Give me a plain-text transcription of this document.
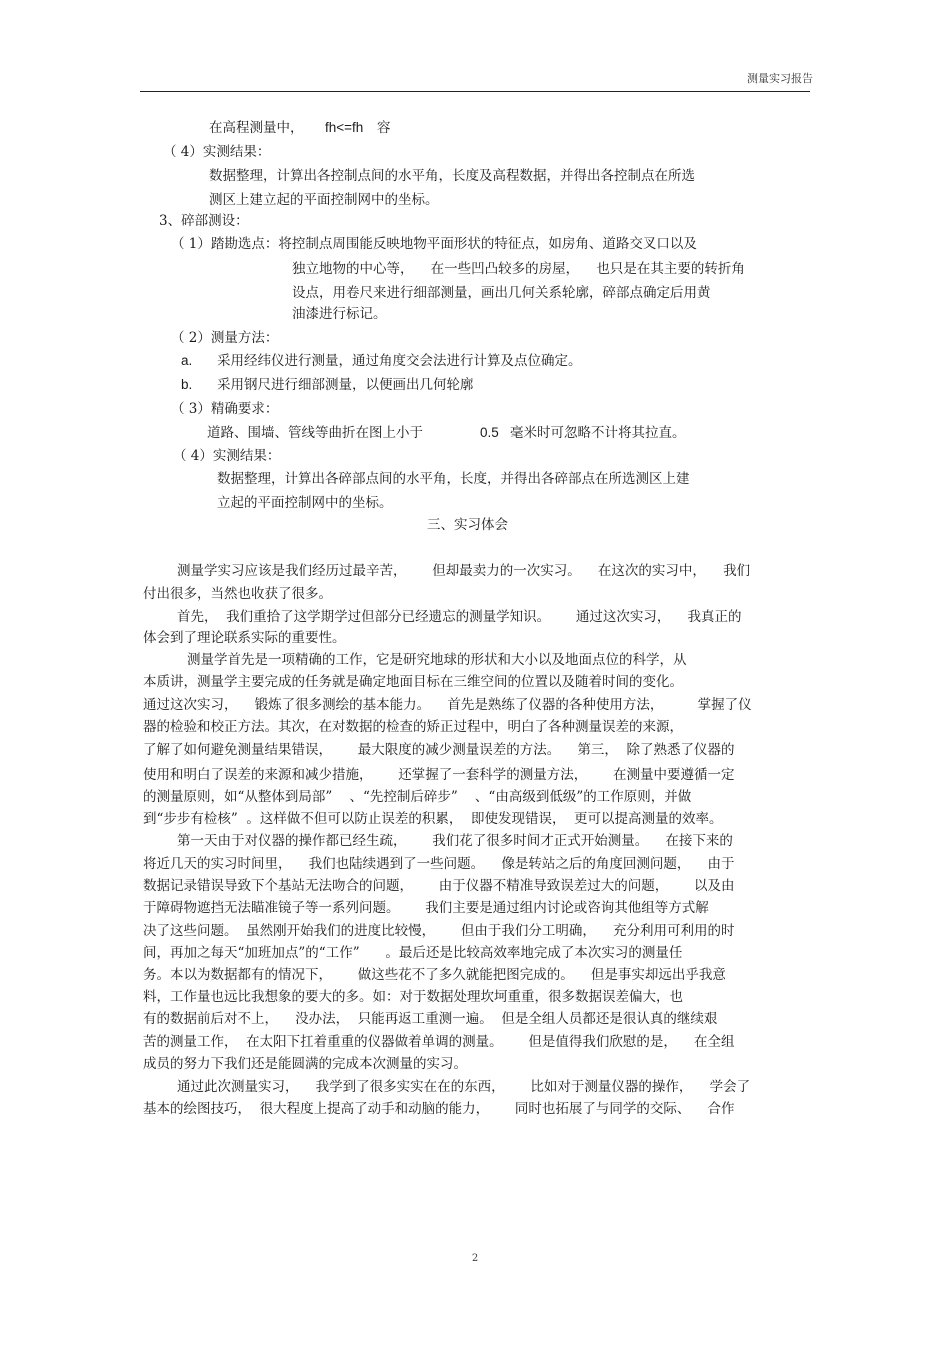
测量实习报告
在高程测量中， fh<=fh 容
（ 4）实测结果：
数据整理，计算出各控制点间的水平角，长度及高程数据，并得出各控制点在所选
测区上建立起的平面控制网中的坐标。
3、碎部测设：
（ 1）踏勘选点：将控制点周围能反映地物平面形状的特征点，如房角、道路交叉口以及
独立地物的中心等，    在一些凹凸较多的房屋，    也只是在其主要的转折角
设点，用卷尺来进行细部测量，画出几何关系轮廓，碎部点确定后用黄
油漆进行标记。
（ 2）测量方法：
a. 采用经纬仪进行测量，通过角度交会法进行计算及点位确定。
b. 采用钢尺进行细部测量，以便画出几何轮廓
（ 3）精确要求：
道路、围墙、管线等曲折在图上小于	0.5 毫米时可忽略不计将其拉直。
（ 4）实测结果：
数据整理，计算出各碎部点间的水平角，长度，并得出各碎部点在所选测区上建
立起的平面控制网中的坐标。
三、实习体会
测量学实习应该是我们经历过最辛苦，      但却最卖力的一次实习。    在这次的实习中，    我们
付出很多，当然也收获了很多。
首先，  我们重拾了这学期学过但部分已经遗忘的测量学知识。      通过这次实习，    我真正的
体会到了理论联系实际的重要性。
测量学首先是一项精确的工作，它是研究地球的形状和大小以及地面点位的科学，从
本质讲，测量学主要完成的任务就是确定地面目标在三维空间的位置以及随着时间的变化。
通过这次实习，    锻炼了很多测绘的基本能力。    首先是熟练了仪器的各种使用方法，        掌握了仪
器的检验和校正方法。其次，在对数据的检查的矫正过程中，明白了各种测量误差的来源，
了解了如何避免测量结果错误，      最大限度的减少测量误差的方法。    第三，  除了熟悉了仪器的
使用和明白了误差的来源和减少措施，      还掌握了一套科学的测量方法，      在测量中要遵循一定
的测量原则，如“从整体到局部”    、“先控制后碎步”    、“由高级到低级”的工作原则，并做
到“步步有检核”  。这样做不但可以防止误差的积累，  即使发现错误，  更可以提高测量的效率。
第一天由于对仪器的操作都已经生疏，      我们花了很多时间才正式开始测量。    在接下来的
将近几天的实习时间里，    我们也陆续遇到了一些问题。    像是转站之后的角度回测问题，    由于
数据记录错误导致下个基站无法吻合的问题，      由于仪器不精准导致误差过大的问题，      以及由
于障碍物遮挡无法瞄准镜子等一系列问题。      我们主要是通过组内讨论或咨询其他组等方式解
决了这些问题。  虽然刚开始我们的进度比较慢，      但由于我们分工明确，    充分利用可利用的时
间，再加之每天“加班加点”的“工作”      。最后还是比较高效率地完成了本次实习的测量任
务。本以为数据都有的情况下，      做这些花不了多久就能把图完成的。    但是事实却远出乎我意
料，工作量也远比我想象的要大的多。如：对于数据处理坎坷重重，很多数据误差偏大，也
有的数据前后对不上，    没办法，  只能再返工重测一遍。  但是全组人员都还是很认真的继续艰
苦的测量工作，  在太阳下扛着重重的仪器做着单调的测量。      但是值得我们欣慰的是，    在全组
成员的努力下我们还是能圆满的完成本次测量的实习。
通过此次测量实习，    我学到了很多实实在在的东西，      比如对于测量仪器的操作，    学会了
基本的绘图技巧，  很大程度上提高了动手和动脑的能力，      同时也拓展了与同学的交际、    合作
2
